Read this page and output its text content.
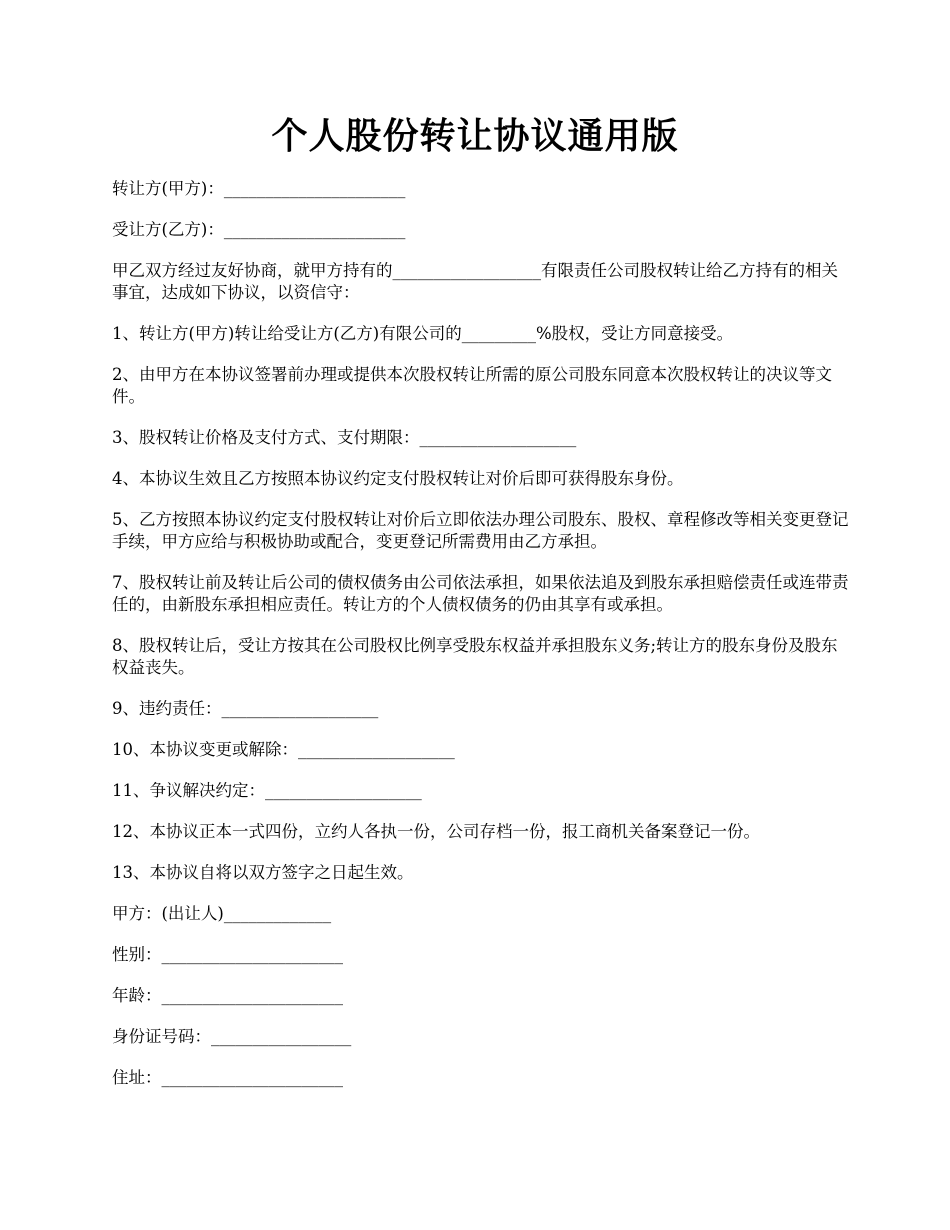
个人股份转让协议通用版

转让方(甲方)：______________________

受让方(乙方)：______________________

甲乙双方经过友好协商，就甲方持有的__________________有限责任公司股权转让给乙方持有的相关事宜，达成如下协议，以资信守：

1、转让方(甲方)转让给受让方(乙方)有限公司的_________%股权，受让方同意接受。

2、由甲方在本协议签署前办理或提供本次股权转让所需的原公司股东同意本次股权转让的决议等文件。

3、股权转让价格及支付方式、支付期限：___________________

4、本协议生效且乙方按照本协议约定支付股权转让对价后即可获得股东身份。

5、乙方按照本协议约定支付股权转让对价后立即依法办理公司股东、股权、章程修改等相关变更登记手续，甲方应给与积极协助或配合，变更登记所需费用由乙方承担。

7、股权转让前及转让后公司的债权债务由公司依法承担，如果依法追及到股东承担赔偿责任或连带责任的，由新股东承担相应责任。转让方的个人债权债务的仍由其享有或承担。

8、股权转让后，受让方按其在公司股权比例享受股东权益并承担股东义务;转让方的股东身份及股东权益丧失。

9、违约责任：___________________

10、本协议变更或解除：___________________

11、争议解决约定：___________________

12、本协议正本一式四份，立约人各执一份，公司存档一份，报工商机关备案登记一份。

13、本协议自将以双方签字之日起生效。

甲方：(出让人)_____________

性别：______________________

年龄：______________________

身份证号码：_________________

住址：______________________
